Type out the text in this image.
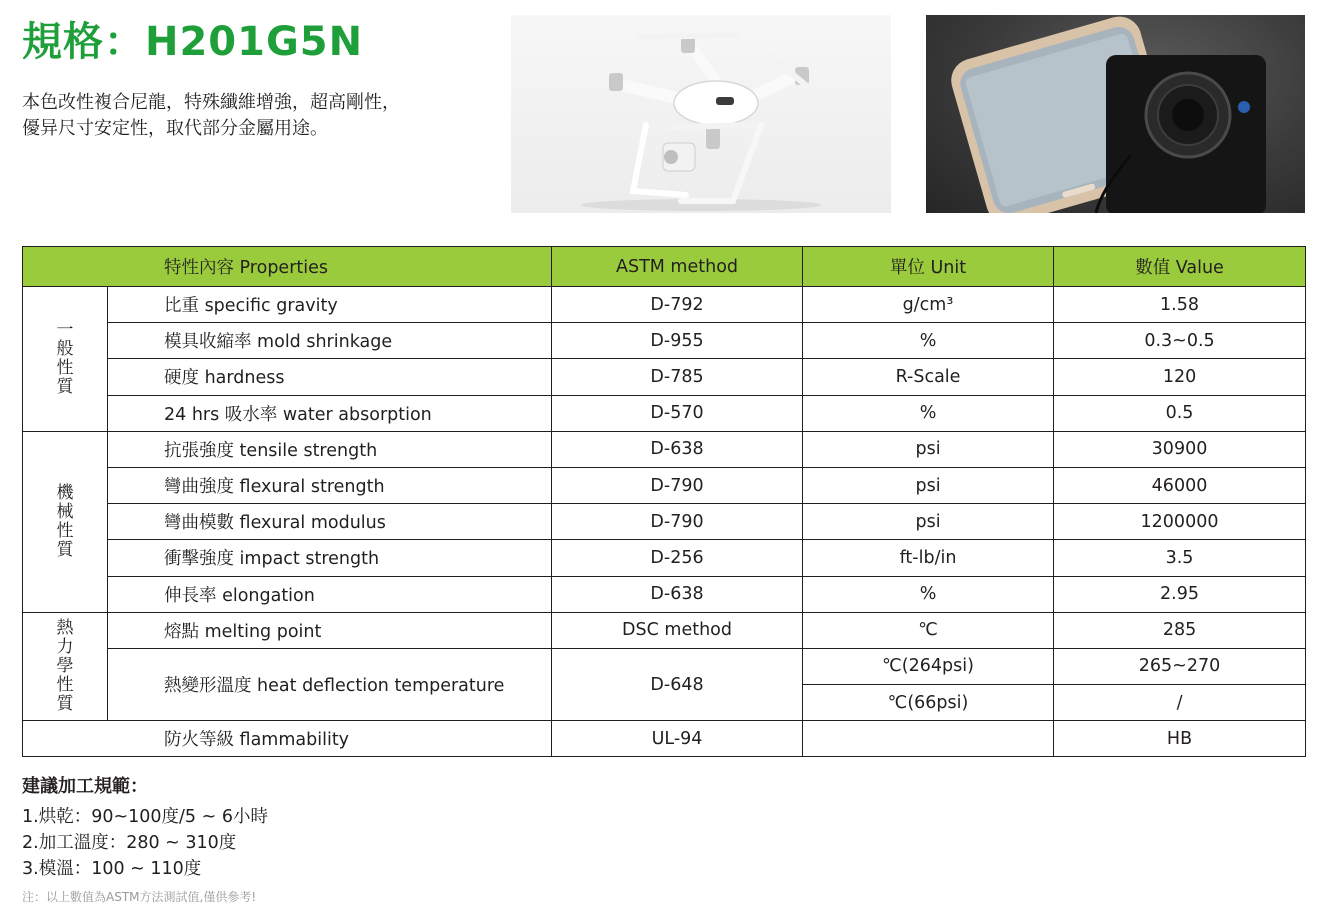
規格：H201G5N
本色改性複合尼龍，特殊纖維增強，超高剛性，
優异尺寸安定性，取代部分金屬用途。
特性內容 Properties		ASTM method	單位 Unit	數值 Value
一般性質	比重 specific gravity	D-792	g/cm³	1.58
	模具收縮率 mold shrinkage	D-955	%	0.3~0.5
	硬度 hardness	D-785	R-Scale	120
	24 hrs 吸水率 water absorption	D-570	%	0.5
機械性質	抗張強度 tensile strength	D-638	psi	30900
	彎曲強度 flexural strength	D-790	psi	46000
	彎曲模數 flexural modulus	D-790	psi	1200000
	衝擊強度 impact strength	D-256	ft-lb/in	3.5
	伸長率 elongation	D-638	%	2.95
熱力學性質	熔點 melting point	DSC method	℃	285
	熱變形溫度 heat deflection temperature	D-648	℃(264psi)	265~270
			℃(66psi)	/
防火等級 flammability		UL-94		HB
建議加工規範：
1.烘乾：90~100度/5 ~ 6小時
2.加工溫度：280 ~ 310度
3.模溫：100 ~ 110度
注：以上數值為ASTM方法測試值,僅供參考!
